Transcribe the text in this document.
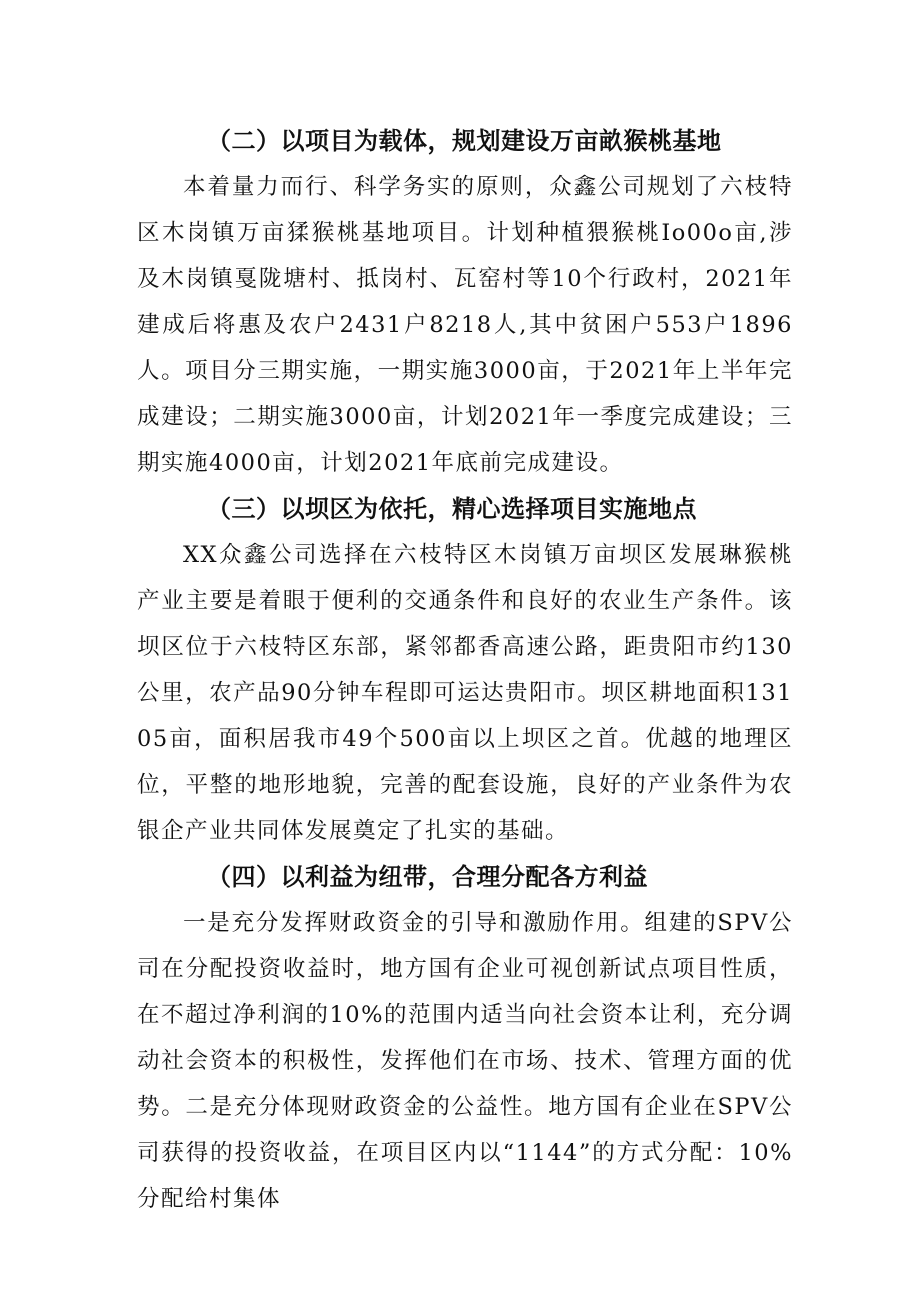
（二）以项目为载体，规划建设万亩畝猴桃基地

本着量力而行、科学务实的原则，众鑫公司规划了六枝特区木岗镇万亩猱猴桃基地项目。计划种植猥猴桃Io00o亩,涉及木岗镇戛陇塘村、抵岗村、瓦窑村等10个行政村，2021年建成后将惠及农户2431户8218人,其中贫困户553户1896人。项目分三期实施，一期实施3000亩，于2021年上半年完成建设；二期实施3000亩，计划2021年一季度完成建设；三期实施4000亩，计划2021年底前完成建设。

（三）以坝区为依托，精心选择项目实施地点

XX众鑫公司选择在六枝特区木岗镇万亩坝区发展琳猴桃产业主要是着眼于便利的交通条件和良好的农业生产条件。该坝区位于六枝特区东部，紧邻都香高速公路，距贵阳市约130公里，农产品90分钟车程即可运达贵阳市。坝区耕地面积13105亩，面积居我市49个500亩以上坝区之首。优越的地理区位，平整的地形地貌，完善的配套设施，良好的产业条件为农银企产业共同体发展奠定了扎实的基础。

（四）以利益为纽带，合理分配各方利益

一是充分发挥财政资金的引导和激励作用。组建的SPV公司在分配投资收益时，地方国有企业可视创新试点项目性质，在不超过净利润的10%的范围内适当向社会资本让利，充分调动社会资本的积极性，发挥他们在市场、技术、管理方面的优势。二是充分体现财政资金的公益性。地方国有企业在SPV公司获得的投资收益，在项目区内以“1144”的方式分配：10%分配给村集体
